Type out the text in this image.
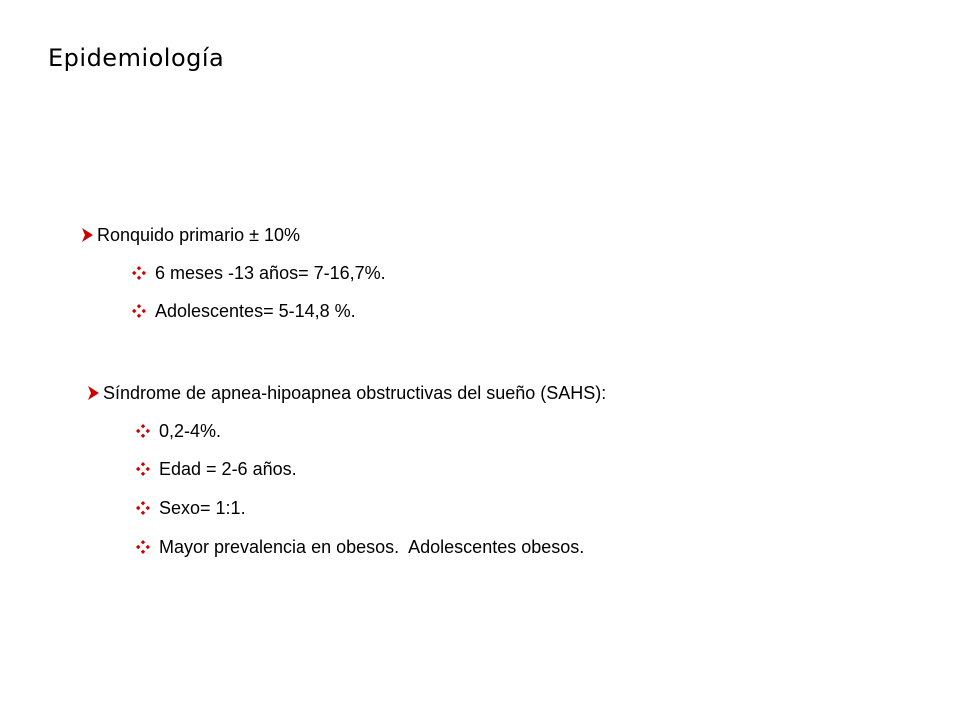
Epidemiología
Ronquido primario ± 10%
6 meses -13 años= 7-16,7%.
Adolescentes= 5-14,8 %.
Síndrome de apnea-hipoapnea obstructivas del sueño (SAHS):
0,2-4%.
Edad = 2-6 años.
Sexo= 1:1.
Mayor prevalencia en obesos.  Adolescentes obesos.
